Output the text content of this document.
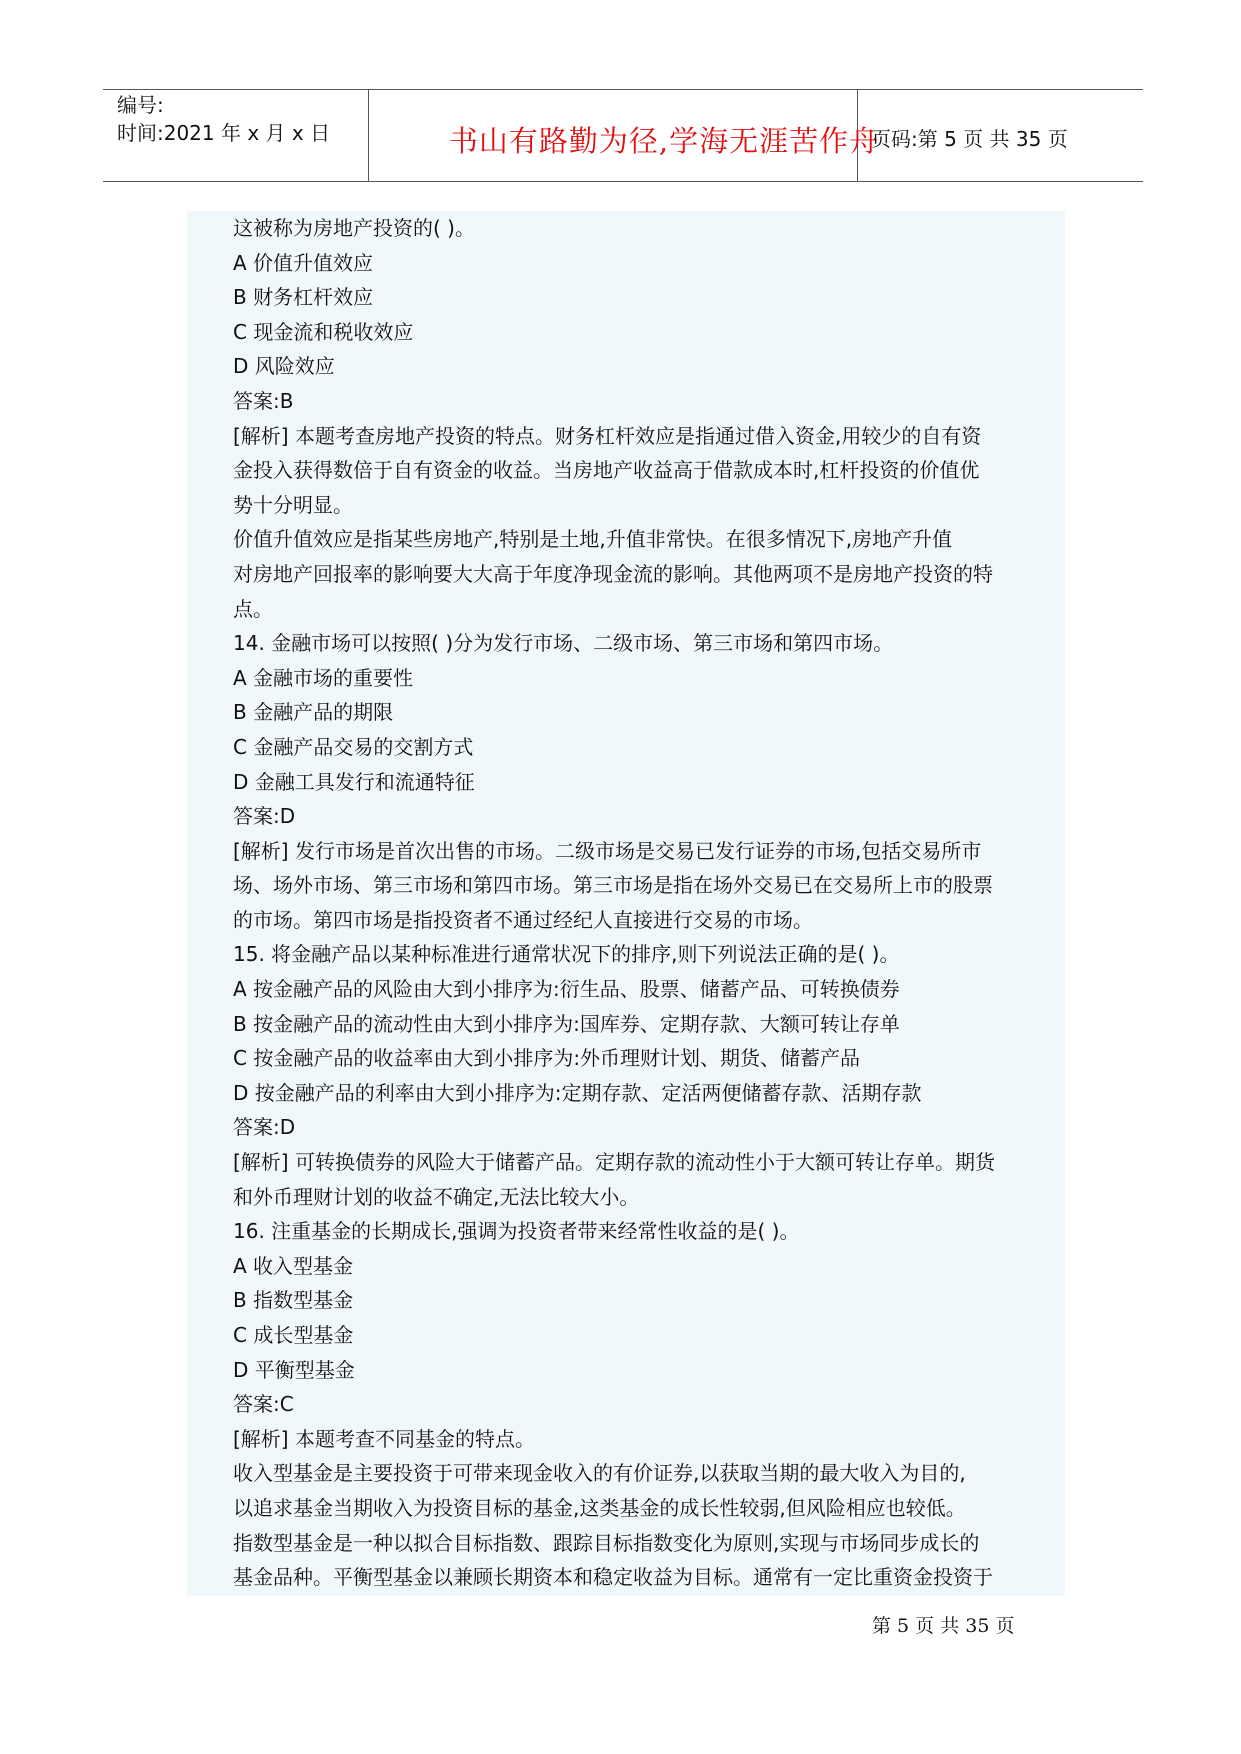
编号:
时间:2021 年 x 月 x 日	书山有路勤为径,学海无涯苦作舟
页码:第 5 页 共 35 页

这被称为房地产投资的( )。

A 价值升值效应

B 财务杠杆效应

C 现金流和税收效应

D 风险效应

答案:B

[解析] 本题考查房地产投资的特点。财务杠杆效应是指通过借入资金,用较少的自有资

金投入获得数倍于自有资金的收益。当房地产收益高于借款成本时,杠杆投资的价值优

势十分明显。

价值升值效应是指某些房地产,特别是土地,升值非常快。在很多情况下,房地产升值

对房地产回报率的影响要大大高于年度净现金流的影响。其他两项不是房地产投资的特

点。

14. 金融市场可以按照( )分为发行市场、二级市场、第三市场和第四市场。

A 金融市场的重要性

B 金融产品的期限

C 金融产品交易的交割方式

D 金融工具发行和流通特征

答案:D

[解析] 发行市场是首次出售的市场。二级市场是交易已发行证券的市场,包括交易所市

场、场外市场、第三市场和第四市场。第三市场是指在场外交易已在交易所上市的股票

的市场。第四市场是指投资者不通过经纪人直接进行交易的市场。

15. 将金融产品以某种标准进行通常状况下的排序,则下列说法正确的是( )。

A 按金融产品的风险由大到小排序为:衍生品、股票、储蓄产品、可转换债券

B 按金融产品的流动性由大到小排序为:国库券、定期存款、大额可转让存单

C 按金融产品的收益率由大到小排序为:外币理财计划、期货、储蓄产品

D 按金融产品的利率由大到小排序为:定期存款、定活两便储蓄存款、活期存款

答案:D

[解析] 可转换债券的风险大于储蓄产品。定期存款的流动性小于大额可转让存单。期货

和外币理财计划的收益不确定,无法比较大小。

16. 注重基金的长期成长,强调为投资者带来经常性收益的是( )。

A 收入型基金

B 指数型基金

C 成长型基金

D 平衡型基金

答案:C

[解析] 本题考查不同基金的特点。

收入型基金是主要投资于可带来现金收入的有价证券,以获取当期的最大收入为目的,

以追求基金当期收入为投资目标的基金,这类基金的成长性较弱,但风险相应也较低。

指数型基金是一种以拟合目标指数、跟踪目标指数变化为原则,实现与市场同步成长的

基金品种。平衡型基金以兼顾长期资本和稳定收益为目标。通常有一定比重资金投资于

第 5 页 共 35 页
